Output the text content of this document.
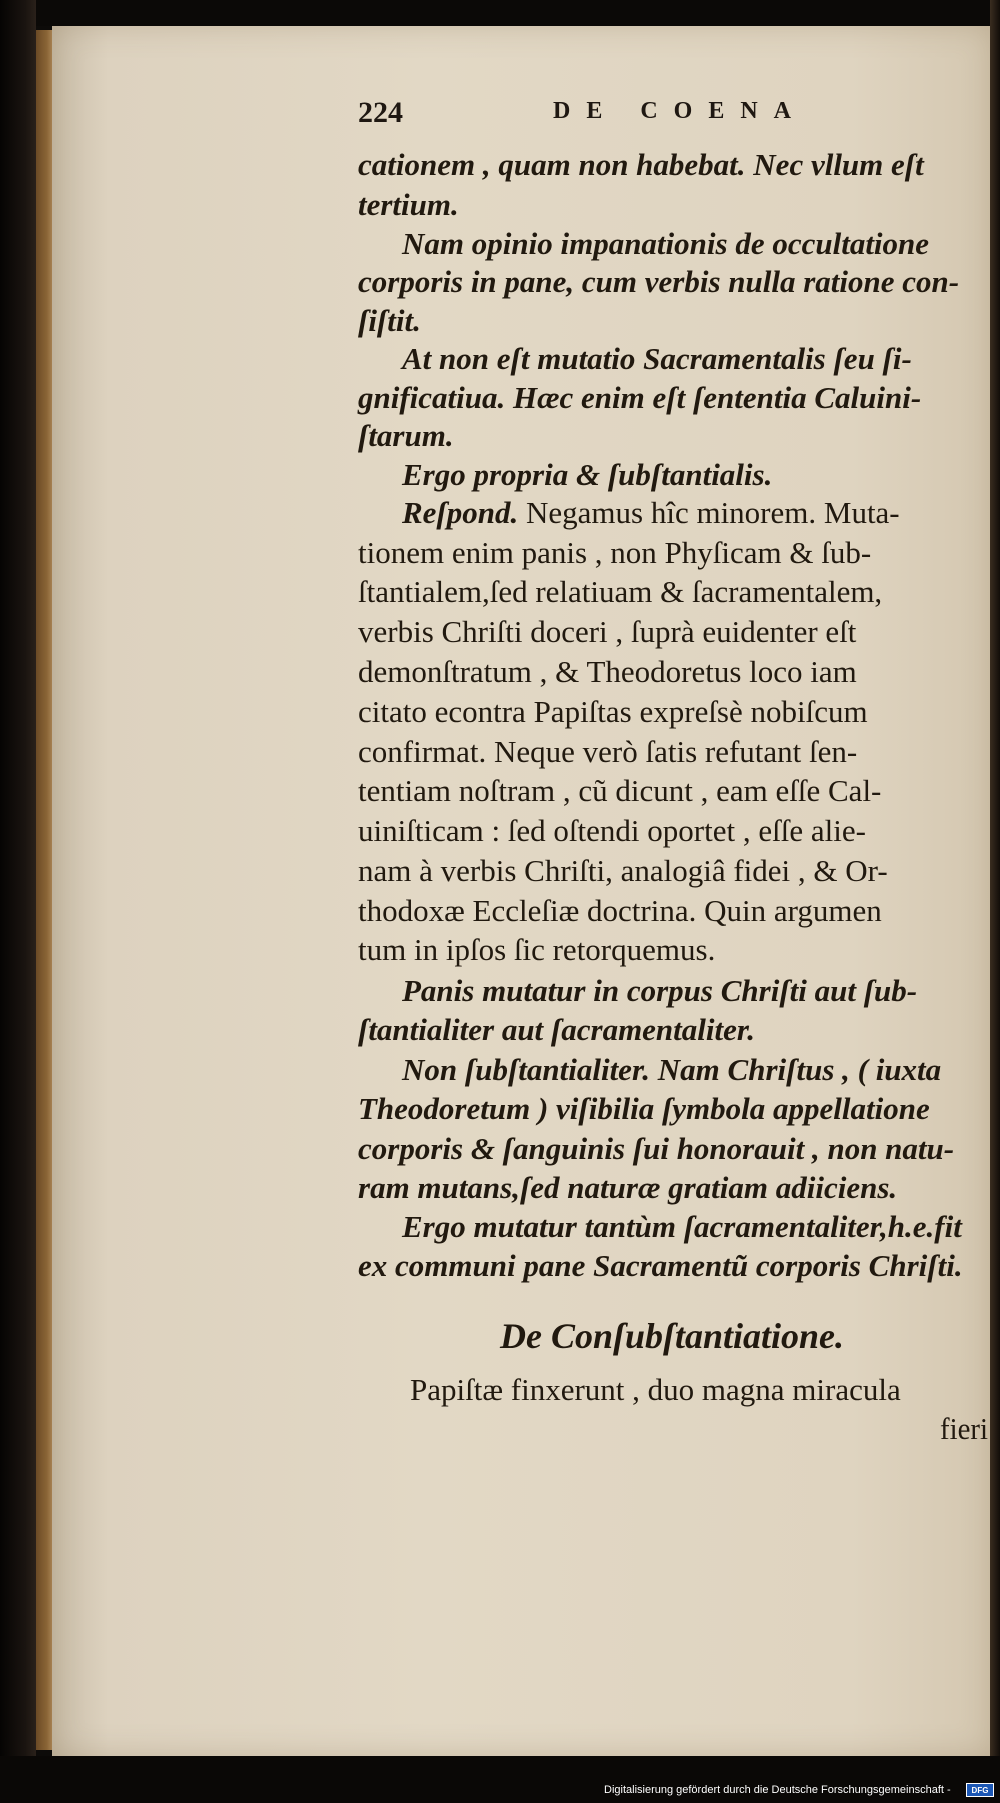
224	DE COENA
cationem , quam non habebat. Nec vllum eſt
tertium.
Nam opinio impanationis de occultatione
corporis in pane, cum verbis nulla ratione con-
ſiſtit.
At non eſt mutatio Sacramentalis ſeu ſi-
gnificatiua. Hæc enim eſt ſententia Caluini-
ſtarum.
Ergo propria & ſubſtantialis.
Reſpond. Negamus hîc minorem. Muta-
tionem enim panis , non Phyſicam & ſub-
ſtantialem,ſed relatiuam & ſacramentalem,
verbis Chriſti doceri , ſuprà euidenter eſt
demonſtratum , & Theodoretus loco iam
citato econtra Papiſtas expreſsè nobiſcum
confirmat. Neque verò ſatis refutant ſen-
tentiam noſtram , cũ dicunt , eam eſſe Cal-
uiniſticam : ſed oſtendi oportet , eſſe alie-
nam à verbis Chriſti, analogiâ fidei , & Or-
thodoxæ Eccleſiæ doctrina. Quin argumen
tum in ipſos ſic retorquemus.
Panis mutatur in corpus Chriſti aut ſub-
ſtantialiter aut ſacramentaliter.
Non ſubſtantialiter. Nam Chriſtus , ( iuxta
Theodoretum ) viſibilia ſymbola appellatione
corporis & ſanguinis ſui honorauit , non natu-
ram mutans,ſed naturæ gratiam adiiciens.
Ergo mutatur tantùm ſacramentaliter,h.e.fit
ex communi pane Sacramentũ corporis Chriſti.
De Conſubſtantiatione.
Papiſtæ finxerunt , duo magna miracula
fieri
Digitalisierung gefördert durch die Deutsche Forschungsgemeinschaft -	DFG
